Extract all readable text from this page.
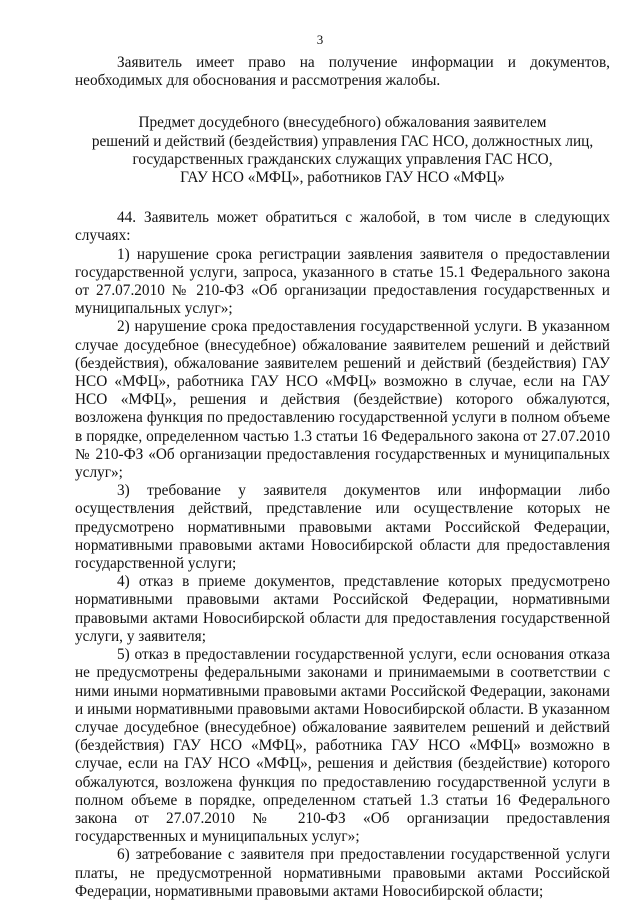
3

Заявитель имеет право на получение информации и документов, необходимых для обоснования и рассмотрения жалобы.

Предмет досудебного (внесудебного) обжалования заявителем
решений и действий (бездействия) управления ГАС НСО, должностных лиц,
государственных гражданских служащих управления ГАС НСО,
ГАУ НСО «МФЦ», работников ГАУ НСО «МФЦ»

44. Заявитель может обратиться с жалобой, в том числе в следующих случаях:

1) нарушение срока регистрации заявления заявителя о предоставлении государственной услуги, запроса, указанного в статье 15.1 Федерального закона от 27.07.2010 № 210-ФЗ «Об организации предоставления государственных и муниципальных услуг»;

2) нарушение срока предоставления государственной услуги. В указанном случае досудебное (внесудебное) обжалование заявителем решений и действий (бездействия), обжалование заявителем решений и действий (бездействия) ГАУ НСО «МФЦ», работника ГАУ НСО «МФЦ» возможно в случае, если на ГАУ НСО «МФЦ», решения и действия (бездействие) которого обжалуются, возложена функция по предоставлению государственной услуги в полном объеме в порядке, определенном частью 1.3 статьи 16 Федерального закона от 27.07.2010 № 210-ФЗ «Об организации предоставления государственных и муниципальных услуг»;

3) требование у заявителя документов или информации либо осуществления действий, представление или осуществление которых не предусмотрено нормативными правовыми актами Российской Федерации, нормативными правовыми актами Новосибирской области для предоставления государственной услуги;

4) отказ в приеме документов, представление которых предусмотрено нормативными правовыми актами Российской Федерации, нормативными правовыми актами Новосибирской области для предоставления государственной услуги, у заявителя;

5) отказ в предоставлении государственной услуги, если основания отказа не предусмотрены федеральными законами и принимаемыми в соответствии с ними иными нормативными правовыми актами Российской Федерации, законами и иными нормативными правовыми актами Новосибирской области. В указанном случае досудебное (внесудебное) обжалование заявителем решений и действий (бездействия) ГАУ НСО «МФЦ», работника ГАУ НСО «МФЦ» возможно в случае, если на ГАУ НСО «МФЦ», решения и действия (бездействие) которого обжалуются, возложена функция по предоставлению государственной услуги в полном объеме в порядке, определенном статьей 1.3 статьи 16 Федерального закона от 27.07.2010 № 210-ФЗ «Об организации предоставления государственных и муниципальных услуг»;

6) затребование с заявителя при предоставлении государственной услуги платы, не предусмотренной нормативными правовыми актами Российской Федерации, нормативными правовыми актами Новосибирской области;
